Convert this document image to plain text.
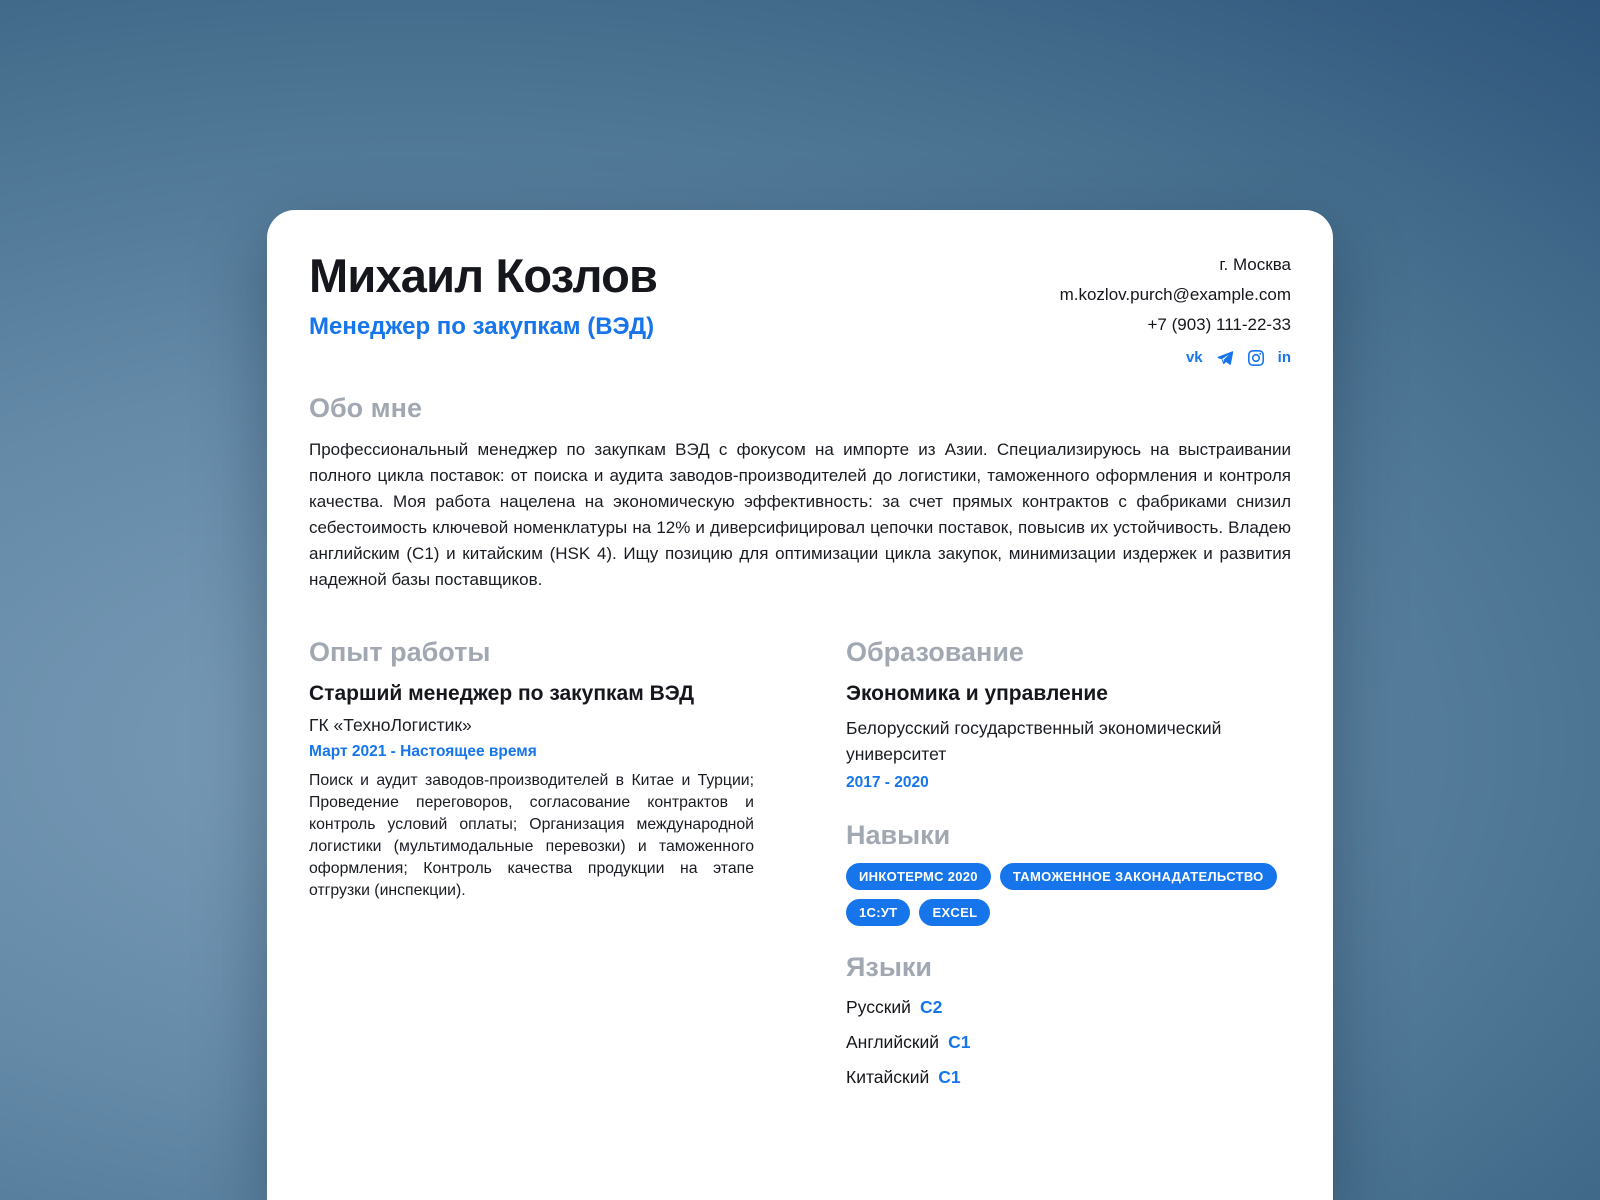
Михаил Козлов
Менеджер по закупкам (ВЭД)
г. Москва
m.kozlov.purch@example.com
+7 (903) 111-22-33
vk	in
Обо мне

Профессиональный менеджер по закупкам ВЭД с фокусом на импорте из Азии. Специализируюсь на выстраивании полного цикла поставок: от поиска и аудита заводов-производителей до логистики, таможенного оформления и контроля качества. Моя работа нацелена на экономическую эффективность: за счет прямых контрактов с фабриками снизил себестоимость ключевой номенклатуры на 12% и диверсифицировал цепочки поставок, повысив их устойчивость. Владею английским (C1) и китайским (HSK 4). Ищу позицию для оптимизации цикла закупок, минимизации издержек и развития надежной базы поставщиков.

Опыт работы
Старший менеджер по закупкам ВЭД
ГК «ТехноЛогистик»
Март 2021 - Настоящее время

Поиск и аудит заводов-производителей в Китае и Турции; Проведение переговоров, согласование контрактов и контроль условий оплаты; Организация международной логистики (мультимодальные перевозки) и таможенного оформления; Контроль качества продукции на этапе отгрузки (инспекции).

Образование
Экономика и управление
Белорусский государственный экономический университет
2017 - 2020
Навыки
ИНКОТЕРМС 2020	ТАМОЖЕННОЕ ЗАКОНАДАТЕЛЬСТВО
1С:УТ	EXCEL
Языки
Русский C2
Английский C1
Китайский C1
